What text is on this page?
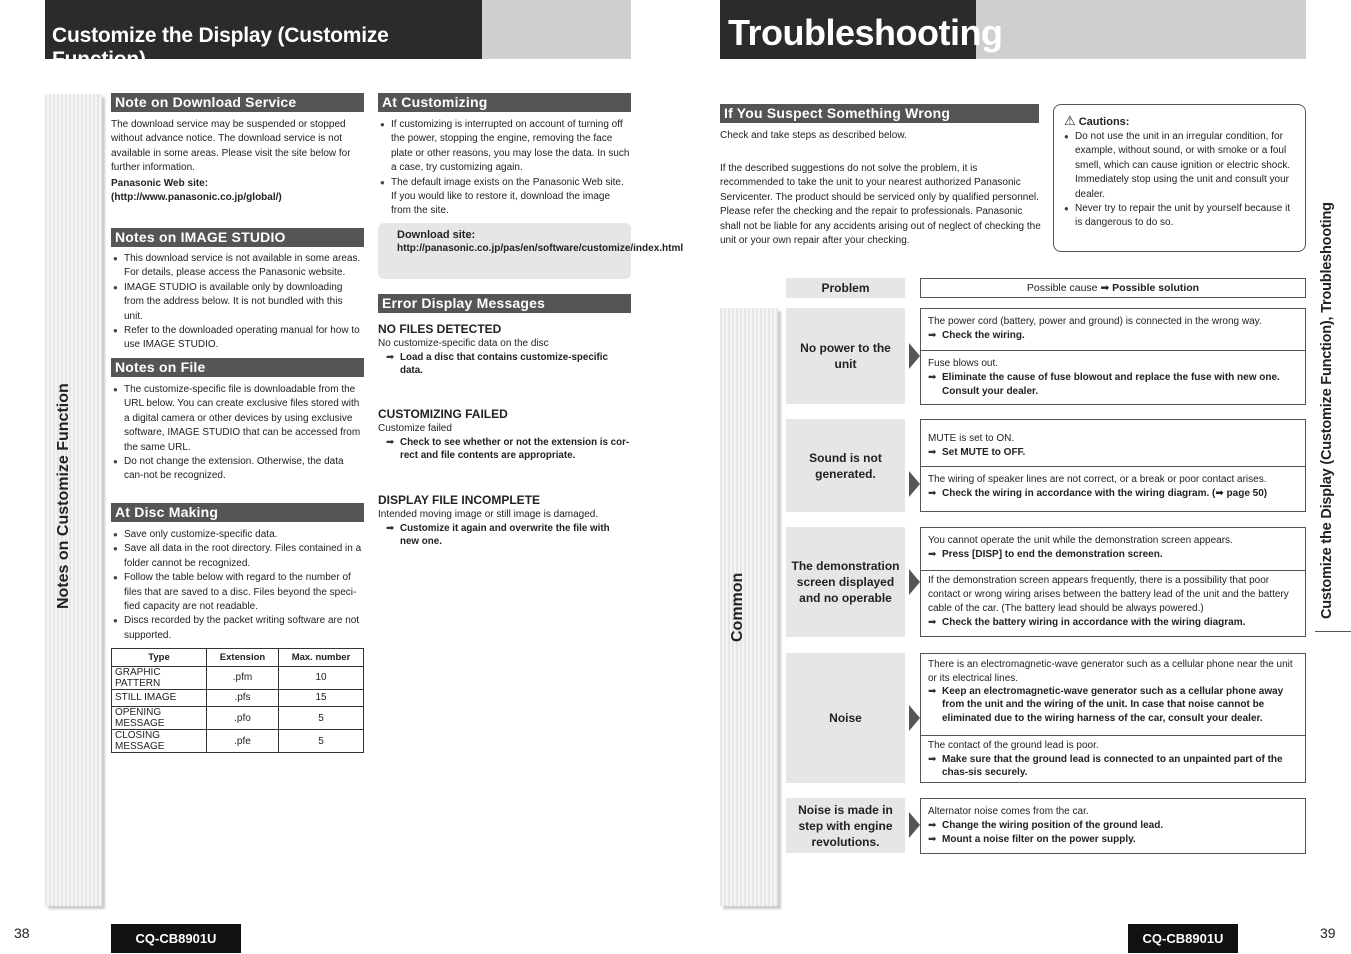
Customize the Display (Customize Function)
Notes on Customize Function
Note on Download Service
The download service may be suspended or stopped without advance notice. The download service is not available in some areas. Please visit the site below for further information.
Panasonic Web site:
(http://www.panasonic.co.jp/global/)
Notes on IMAGE STUDIO
● This download service is not available in some areas. For details, please access the Panasonic website.
● IMAGE STUDIO is available only by downloading from the address below. It is not bundled with this unit.
● Refer to the downloaded operating manual for how to use IMAGE STUDIO.
Notes on File
● The customize-specific file is downloadable from the URL below. You can create exclusive files stored with a digital camera or other devices by using exclusive software, IMAGE STUDIO that can be accessed from the same URL.
● Do not change the extension. Otherwise, the data can-not be recognized.
At Disc Making
● Save only customize-specific data.
● Save all data in the root directory. Files contained in a folder cannot be recognized.
● Follow the table below with regard to the number of files that are saved to a disc. Files beyond the speci-fied capacity are not readable.
● Discs recorded by the packet writing software are not supported.
Type	Extension	Max. number
GRAPHIC PATTERN	.pfm	10
STILL IMAGE	.pfs	15
OPENING MESSAGE	.pfo	5
CLOSING MESSAGE	.pfe	5
At Customizing
● If customizing is interrupted on account of turning off the power, stopping the engine, removing the face plate or other reasons, you may lose the data. In such a case, try customizing again.
● The default image exists on the Panasonic Web site. If you would like to restore it, download the image from the site.
Download site:
http://panasonic.co.jp/pas/en/software/customize/index.html
Error Display Messages
NO FILES DETECTED
No customize-specific data on the disc
➡ Load a disc that contains customize-specific data.
CUSTOMIZING FAILED
Customize failed
➡ Check to see whether or not the extension is cor-rect and file contents are appropriate.
DISPLAY FILE INCOMPLETE
Intended moving image or still image is damaged.
➡ Customize it again and overwrite the file with new one.
38	CQ-CB8901U
Troubleshooting
If You Suspect Something Wrong
Check and take steps as described below.
If the described suggestions do not solve the problem, it is recommended to take the unit to your nearest authorized Panasonic Servicenter. The product should be serviced only by qualified personnel. Please refer the checking and the repair to professionals. Panasonic shall not be liable for any accidents arising out of neglect of checking the unit or your own repair after your checking.
⚠ Cautions:
● Do not use the unit in an irregular condition, for example, without sound, or with smoke or a foul smell, which can cause ignition or electric shock. Immediately stop using the unit and consult your dealer.
● Never try to repair the unit by yourself because it is dangerous to do so.	Customize the Display (Customize Function), Troubleshooting
Common
Problem	Possible cause ➡ Possible solution
No power to the unit
The power cord (battery, power and ground) is connected in the wrong way.
➡ Check the wiring.
Fuse blows out.
➡ Eliminate the cause of fuse blowout and replace the fuse with new one. Consult your dealer.
Sound is not generated.
MUTE is set to ON.
➡ Set MUTE to OFF.
The wiring of speaker lines are not correct, or a break or poor contact arises.
➡ Check the wiring in accordance with the wiring diagram. (➡ page 50)
The demonstration screen displayed and no operable
You cannot operate the unit while the demonstration screen appears.
➡ Press [DISP] to end the demonstration screen.
If the demonstration screen appears frequently, there is a possibility that poor contact or wrong wiring arises between the battery lead of the unit and the battery cable of the car. (The battery lead should be always powered.)
➡ Check the battery wiring in accordance with the wiring diagram.
Noise
There is an electromagnetic-wave generator such as a cellular phone near the unit or its electrical lines.
➡ Keep an electromagnetic-wave generator such as a cellular phone away from the unit and the wiring of the unit. In case that noise cannot be eliminated due to the wiring harness of the car, consult your dealer.
The contact of the ground lead is poor.
➡ Make sure that the ground lead is connected to an unpainted part of the chas-sis securely.
Noise is made in step with engine revolutions.
Alternator noise comes from the car.
➡ Change the wiring position of the ground lead.
➡ Mount a noise filter on the power supply.
CQ-CB8901U	39
